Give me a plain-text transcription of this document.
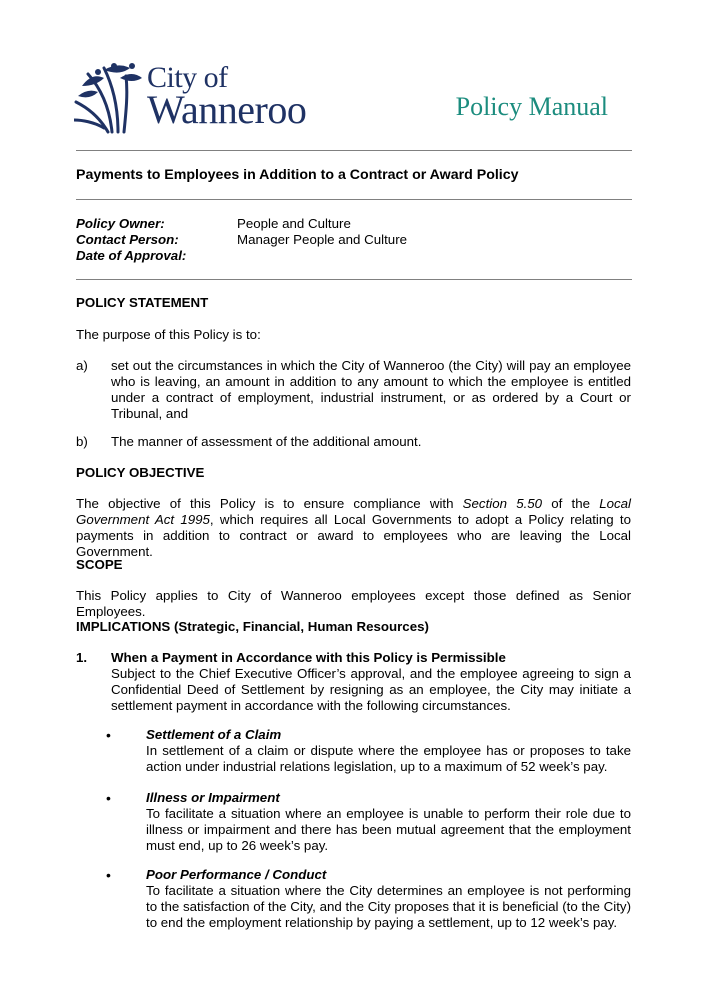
City of
Wanneroo	Policy Manual
Payments to Employees in Addition to a Contract or Award Policy
Policy Owner:	People and Culture
Contact Person:	Manager People and Culture
Date of Approval:
POLICY STATEMENT
The purpose of this Policy is to:
a) set out the circumstances in which the City of Wanneroo (the City) will pay an employee who is leaving, an amount in addition to any amount to which the employee is entitled under a contract of employment, industrial instrument, or as ordered by a Court or Tribunal, and
b) The manner of assessment of the additional amount.
POLICY OBJECTIVE
The objective of this Policy is to ensure compliance with Section 5.50 of the Local Government Act 1995, which requires all Local Governments to adopt a Policy relating to payments in addition to contract or award to employees who are leaving the Local Government.
SCOPE
This Policy applies to City of Wanneroo employees except those defined as Senior Employees.
IMPLICATIONS (Strategic, Financial, Human Resources)
1. When a Payment in Accordance with this Policy is Permissible
Subject to the Chief Executive Officer’s approval, and the employee agreeing to sign a Confidential Deed of Settlement by resigning as an employee, the City may initiate a settlement payment in accordance with the following circumstances.
•	Settlement of a Claim
In settlement of a claim or dispute where the employee has or proposes to take action under industrial relations legislation, up to a maximum of 52 week’s pay.
•	Illness or Impairment
To facilitate a situation where an employee is unable to perform their role due to illness or impairment and there has been mutual agreement that the employment must end, up to 26 week’s pay.
•	Poor Performance / Conduct
To facilitate a situation where the City determines an employee is not performing to the satisfaction of the City, and the City proposes that it is beneficial (to the City) to end the employment relationship by paying a settlement, up to 12 week’s pay.
